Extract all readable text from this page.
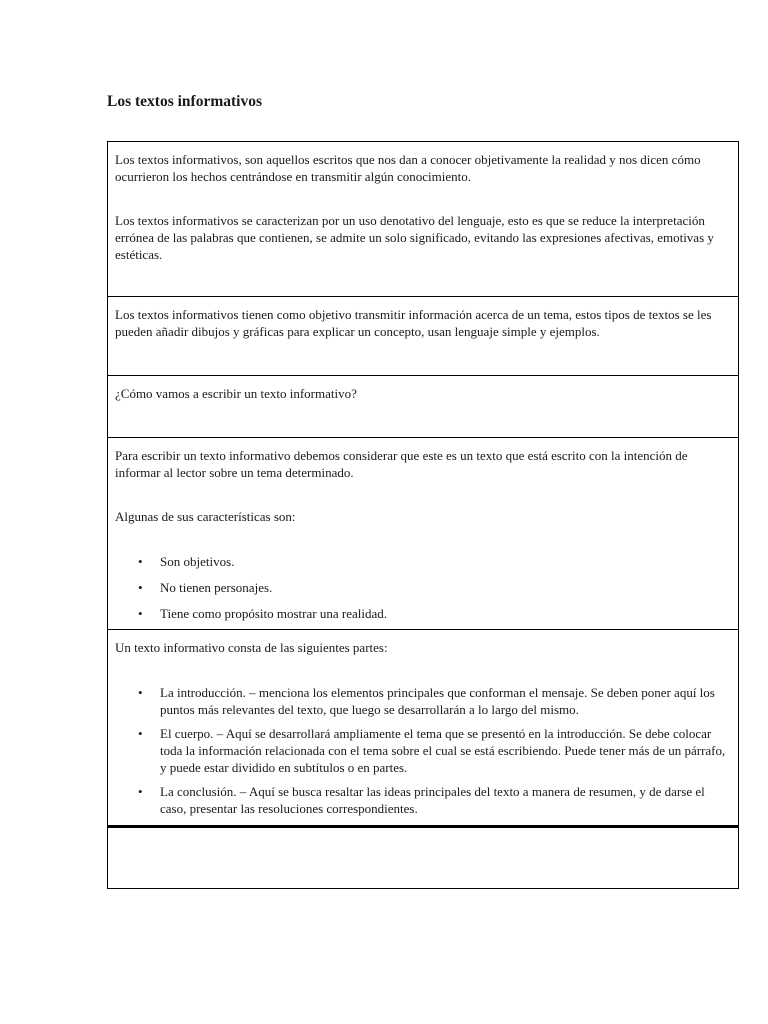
Los textos informativos

Los textos informativos, son aquellos escritos que nos dan a conocer objetivamente la realidad y nos dicen cómo ocurrieron los hechos centrándose en transmitir algún conocimiento.

Los textos informativos se caracterizan por un uso denotativo del lenguaje, esto es que se reduce la interpretación errónea de las palabras que contienen, se admite un solo significado, evitando las expresiones afectivas, emotivas y estéticas.

Los textos informativos tienen como objetivo transmitir información acerca de un tema, estos tipos de textos se les pueden añadir dibujos y gráficas para explicar un concepto, usan lenguaje simple y ejemplos.

¿Cómo vamos a escribir un texto informativo?

Para escribir un texto informativo debemos considerar que este es un texto que está escrito con la intención de informar al lector sobre un tema determinado.

Algunas de sus características son:

• Son objetivos.
• No tienen personajes.
• Tiene como propósito mostrar una realidad.

Un texto informativo consta de las siguientes partes:

• La introducción. – menciona los elementos principales que conforman el mensaje. Se deben poner aquí los puntos más relevantes del texto, que luego se desarrollarán a lo largo del mismo.
• El cuerpo. – Aquí se desarrollará ampliamente el tema que se presentó en la introducción. Se debe colocar toda la información relacionada con el tema sobre el cual se está escribiendo. Puede tener más de un párrafo, y puede estar dividido en subtítulos o en partes.
• La conclusión. – Aquí se busca resaltar las ideas principales del texto a manera de resumen, y de darse el caso, presentar las resoluciones correspondientes.
